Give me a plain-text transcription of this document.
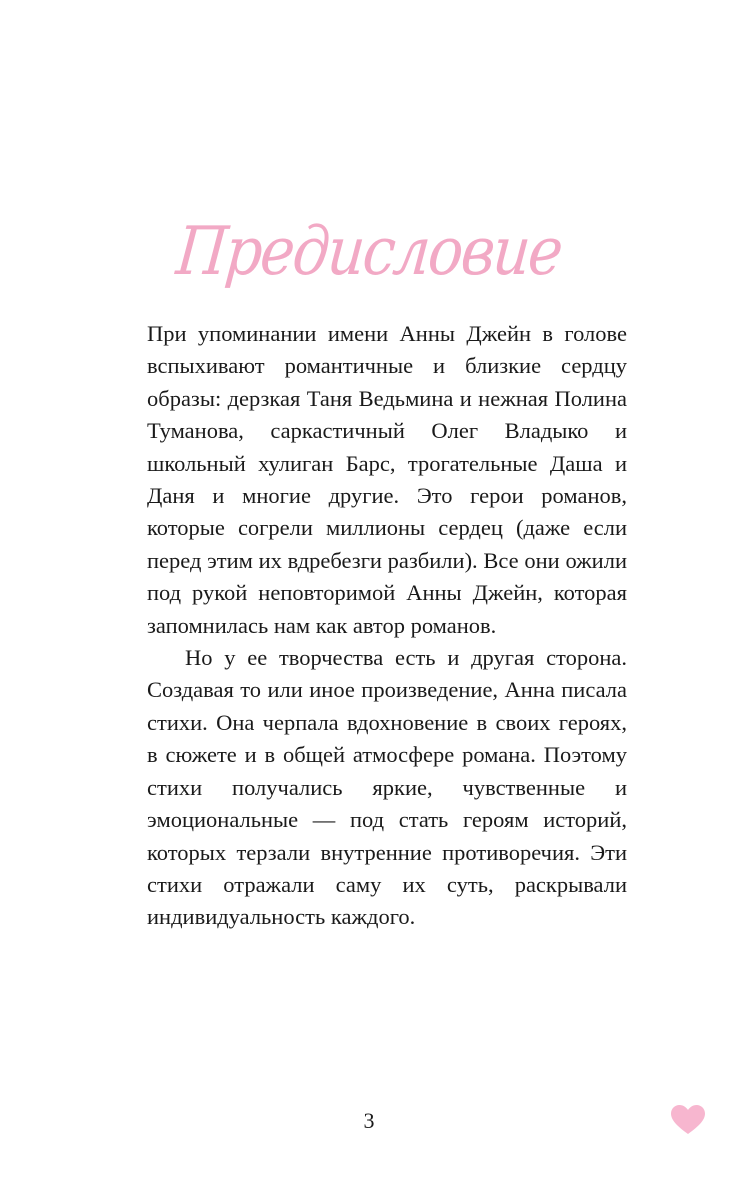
Предисловие

При упоминании имени Анны Джейн в голове вспыхивают романтичные и близкие сердцу образы: дерзкая Таня Ведьмина и нежная Полина Туманова, саркастичный Олег Владыко и школьный хулиган Барс, трогательные Даша и Даня и многие другие. Это герои романов, которые согрели миллионы сердец (даже если перед этим их вдребезги разбили). Все они ожили под рукой неповторимой Анны Джейн, которая запомнилась нам как автор романов.

Но у ее творчества есть и другая сторона. Создавая то или иное произведение, Анна писала стихи. Она черпала вдохновение в своих героях, в сюжете и в общей атмосфере романа. Поэтому стихи получались яркие, чувственные и эмоциональные — под стать героям историй, которых терзали внутренние противоречия. Эти стихи отражали саму их суть, раскрывали индивидуальность каждого.

3
